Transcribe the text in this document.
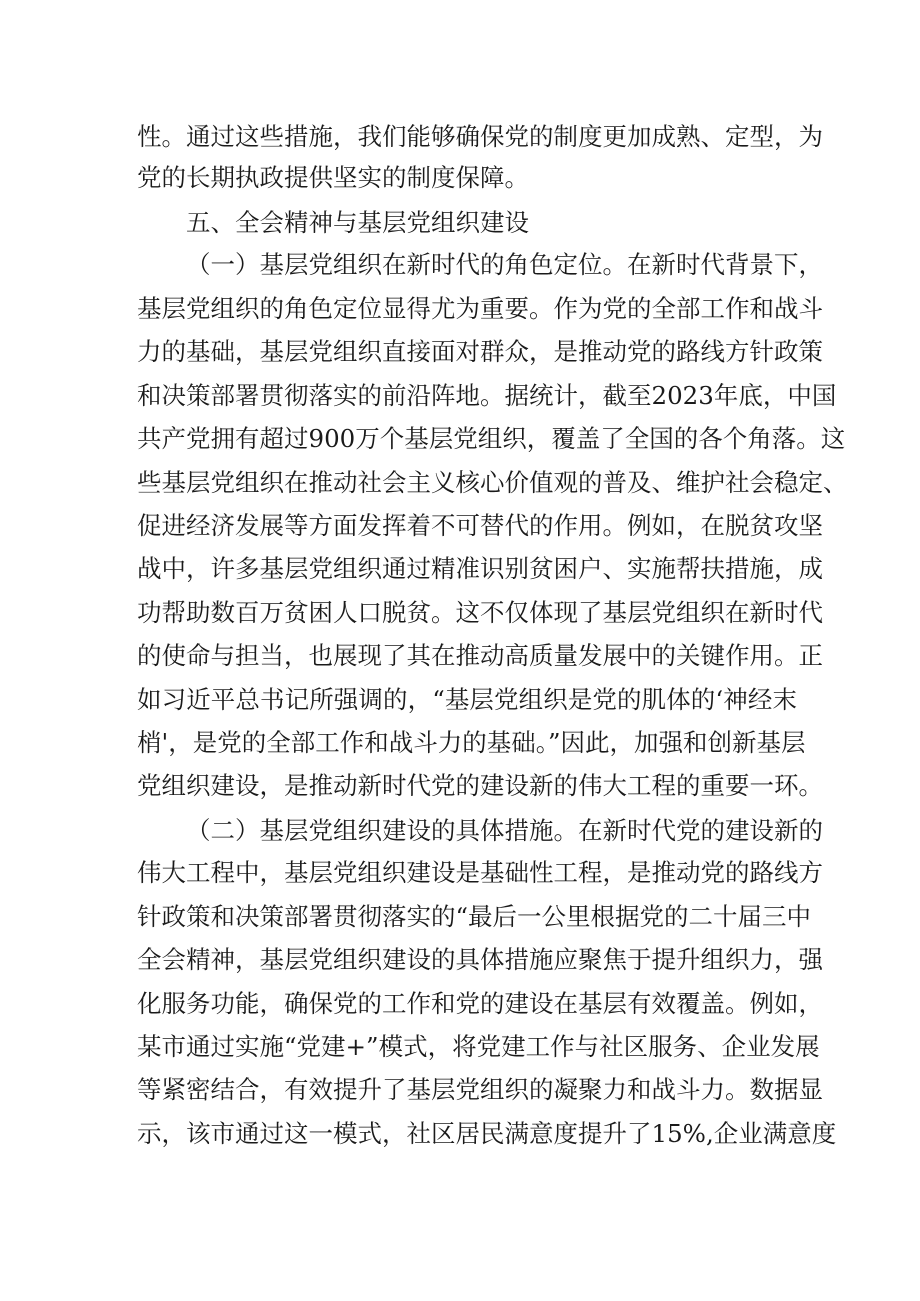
性。通过这些措施，我们能够确保党的制度更加成熟、定型，为
党的长期执政提供坚实的制度保障。
五、全会精神与基层党组织建设
（一）基层党组织在新时代的角色定位。在新时代背景下，
基层党组织的角色定位显得尤为重要。作为党的全部工作和战斗
力的基础，基层党组织直接面对群众，是推动党的路线方针政策
和决策部署贯彻落实的前沿阵地。据统计，截至2023年底，中国
共产党拥有超过900万个基层党组织，覆盖了全国的各个角落。这
些基层党组织在推动社会主义核心价值观的普及、维护社会稳定、
促进经济发展等方面发挥着不可替代的作用。例如，在脱贫攻坚
战中，许多基层党组织通过精准识别贫困户、实施帮扶措施，成
功帮助数百万贫困人口脱贫。这不仅体现了基层党组织在新时代
的使命与担当，也展现了其在推动高质量发展中的关键作用。正
如习近平总书记所强调的，“基层党组织是党的肌体的‘神经末
梢'，是党的全部工作和战斗力的基础。”因此，加强和创新基层
党组织建设，是推动新时代党的建设新的伟大工程的重要一环。
（二）基层党组织建设的具体措施。在新时代党的建设新的
伟大工程中，基层党组织建设是基础性工程，是推动党的路线方
针政策和决策部署贯彻落实的“最后一公里根据党的二十届三中
全会精神，基层党组织建设的具体措施应聚焦于提升组织力，强
化服务功能，确保党的工作和党的建设在基层有效覆盖。例如，
某市通过实施“党建+”模式，将党建工作与社区服务、企业发展
等紧密结合，有效提升了基层党组织的凝聚力和战斗力。数据显
示，该市通过这一模式，社区居民满意度提升了15%,企业满意度
